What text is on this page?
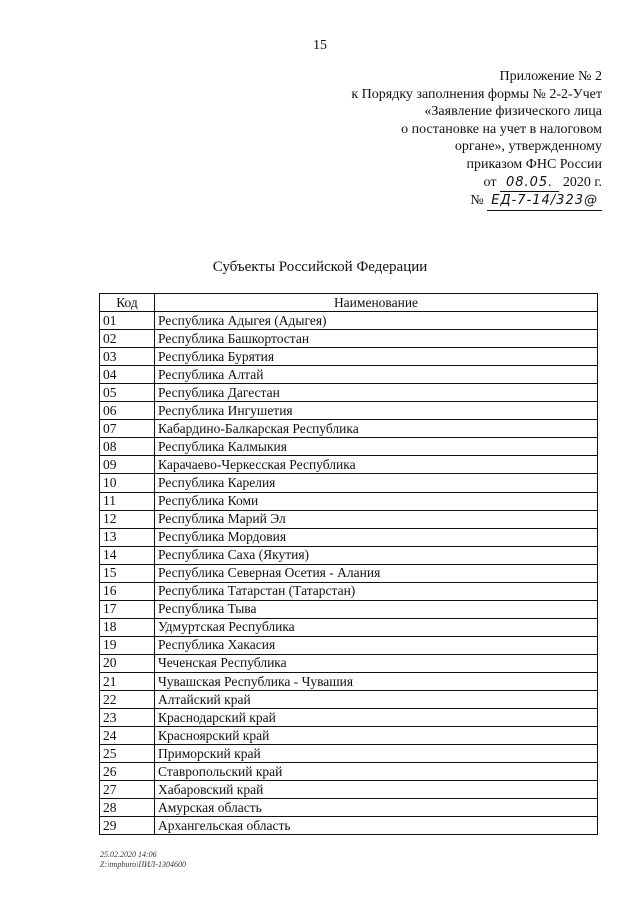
15
Приложение № 2
к Порядку заполнения формы № 2-2-Учет
«Заявление физического лица
о постановке на учет в налоговом
органе», утвержденному
приказом ФНС России
от 08.05. 2020 г.
№ ЕД-7-14/323@
Субъекты Российской Федерации
Код	Наименование
01	Республика Адыгея (Адыгея)
02	Республика Башкортостан
03	Республика Бурятия
04	Республика Алтай
05	Республика Дагестан
06	Республика Ингушетия
07	Кабардино-Балкарская Республика
08	Республика Калмыкия
09	Карачаево-Черкесская Республика
10	Республика Карелия
11	Республика Коми
12	Республика Марий Эл
13	Республика Мордовия
14	Республика Саха (Якутия)
15	Республика Северная Осетия - Алания
16	Республика Татарстан (Татарстан)
17	Республика Тыва
18	Удмуртская Республика
19	Республика Хакасия
20	Чеченская Республика
21	Чувашская Республика - Чувашия
22	Алтайский край
23	Краснодарский край
24	Красноярский край
25	Приморский край
26	Ставропольский край
27	Хабаровский край
28	Амурская область
29	Архангельская область
25.02.2020 14:06
Z:\tmpburo\ПИЛ-1304600
